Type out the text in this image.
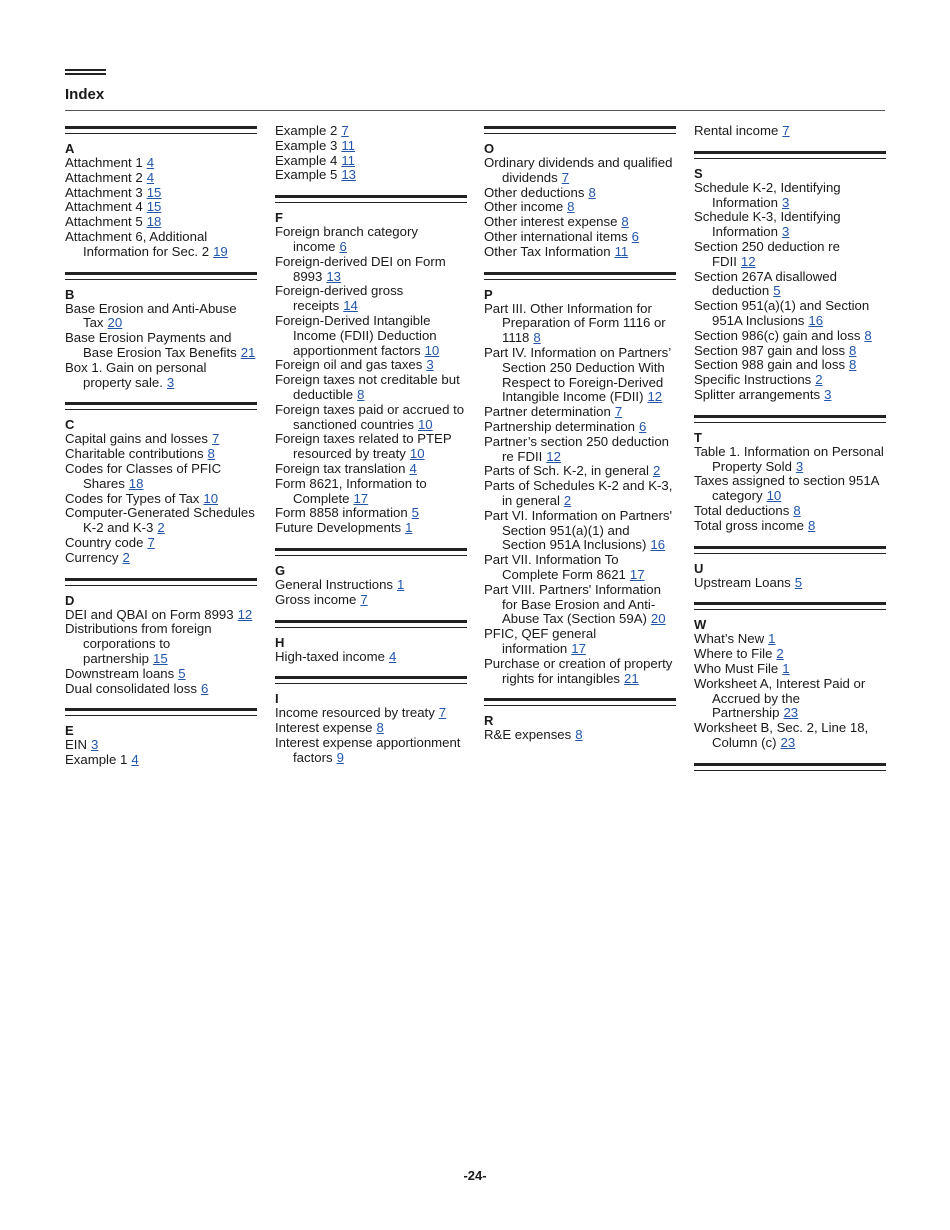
Index
A

Attachment 1 4

Attachment 2 4

Attachment 3 15

Attachment 4 15

Attachment 5 18

Attachment 6, Additional Information for Sec. 2 19

B

Base Erosion and Anti-Abuse Tax 20

Base Erosion Payments and Base Erosion Tax Benefits 21

Box 1. Gain on personal property sale. 3

C

Capital gains and losses 7

Charitable contributions 8

Codes for Classes of PFIC Shares 18

Codes for Types of Tax 10

Computer-Generated Schedules K-2 and K-3 2

Country code 7

Currency 2

D

DEI and QBAI on Form 8993 12

Distributions from foreign corporations to partnership 15

Downstream loans 5

Dual consolidated loss 6

E

EIN 3

Example 1 4

Example 2 7

Example 3 11

Example 4 11

Example 5 13

F

Foreign branch category income 6

Foreign-derived DEI on Form 8993 13

Foreign-derived gross receipts 14

Foreign-Derived Intangible Income (FDII) Deduction apportionment factors 10

Foreign oil and gas taxes 3

Foreign taxes not creditable but deductible 8

Foreign taxes paid or accrued to sanctioned countries 10

Foreign taxes related to PTEP resourced by treaty 10

Foreign tax translation 4

Form 8621, Information to Complete 17

Form 8858 information 5

Future Developments 1

G

General Instructions 1

Gross income 7

H

High-taxed income 4

I

Income resourced by treaty 7

Interest expense 8

Interest expense apportionment factors 9

O

Ordinary dividends and qualified dividends 7

Other deductions 8

Other income 8

Other interest expense 8

Other international items 6

Other Tax Information 11

P

Part III. Other Information for Preparation of Form 1116 or 1118 8

Part IV. Information on Partners’ Section 250 Deduction With Respect to Foreign-Derived Intangible Income (FDII) 12

Partner determination 7

Partnership determination 6

Partner’s section 250 deduction re FDII 12

Parts of Sch. K-2, in general 2

Parts of Schedules K-2 and K-3, in general 2

Part VI. Information on Partners' Section 951(a)(1) and Section 951A Inclusions) 16

Part VII. Information To Complete Form 8621 17

Part VIII. Partners' Information for Base Erosion and Anti-Abuse Tax (Section 59A) 20

PFIC, QEF general information 17

Purchase or creation of property rights for intangibles 21

R

R&E expenses 8

Rental income 7

S

Schedule K-2, Identifying Information 3

Schedule K-3, Identifying Information 3

Section 250 deduction re FDII 12

Section 267A disallowed deduction 5

Section 951(a)(1) and Section 951A Inclusions 16

Section 986(c) gain and loss 8

Section 987 gain and loss 8

Section 988 gain and loss 8

Specific Instructions 2

Splitter arrangements 3

T

Table 1. Information on Personal Property Sold 3

Taxes assigned to section 951A category 10

Total deductions 8

Total gross income 8

U

Upstream Loans 5

W

What’s New 1

Where to File 2

Who Must File 1

Worksheet A, Interest Paid or Accrued by the Partnership 23

Worksheet B, Sec. 2, Line 18, Column (c) 23

-24-
